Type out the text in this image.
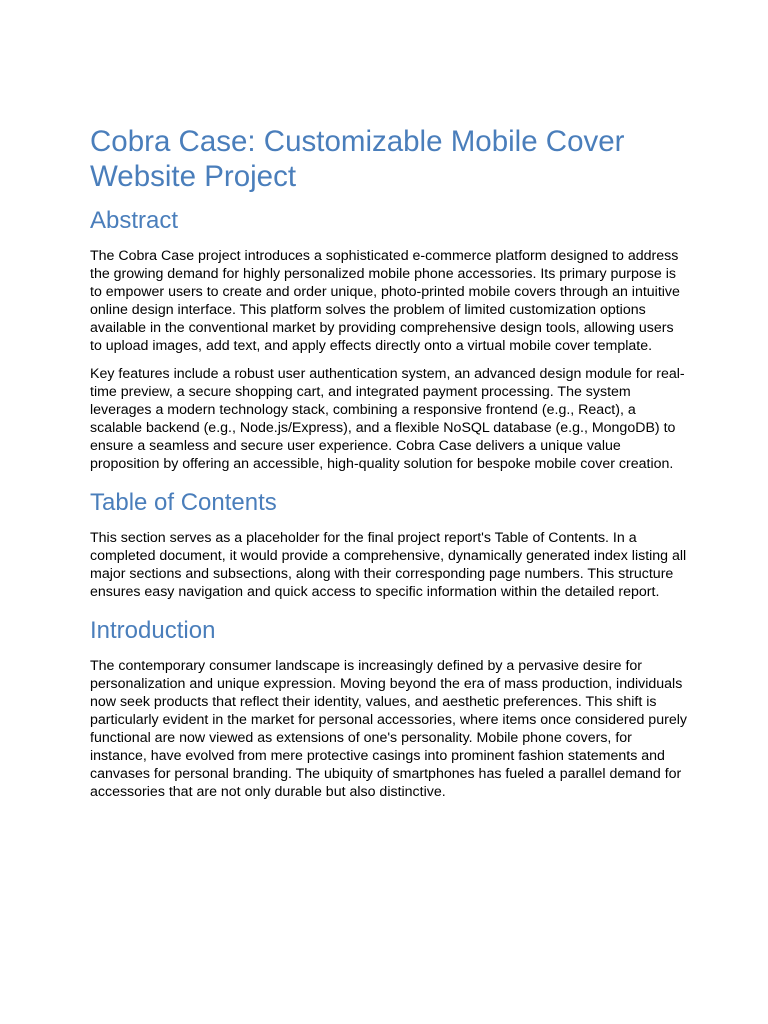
Cobra Case: Customizable Mobile Cover Website Project
Abstract

The Cobra Case project introduces a sophisticated e-commerce platform designed to address the growing demand for highly personalized mobile phone accessories. Its primary purpose is to empower users to create and order unique, photo-printed mobile covers through an intuitive online design interface. This platform solves the problem of limited customization options available in the conventional market by providing comprehensive design tools, allowing users to upload images, add text, and apply effects directly onto a virtual mobile cover template.

Key features include a robust user authentication system, an advanced design module for real-time preview, a secure shopping cart, and integrated payment processing. The system leverages a modern technology stack, combining a responsive frontend (e.g., React), a scalable backend (e.g., Node.js/Express), and a flexible NoSQL database (e.g., MongoDB) to ensure a seamless and secure user experience. Cobra Case delivers a unique value proposition by offering an accessible, high-quality solution for bespoke mobile cover creation.

Table of Contents

This section serves as a placeholder for the final project report's Table of Contents. In a completed document, it would provide a comprehensive, dynamically generated index listing all major sections and subsections, along with their corresponding page numbers. This structure ensures easy navigation and quick access to specific information within the detailed report.

Introduction

The contemporary consumer landscape is increasingly defined by a pervasive desire for personalization and unique expression. Moving beyond the era of mass production, individuals now seek products that reflect their identity, values, and aesthetic preferences. This shift is particularly evident in the market for personal accessories, where items once considered purely functional are now viewed as extensions of one's personality. Mobile phone covers, for instance, have evolved from mere protective casings into prominent fashion statements and canvases for personal branding. The ubiquity of smartphones has fueled a parallel demand for accessories that are not only durable but also distinctive.
